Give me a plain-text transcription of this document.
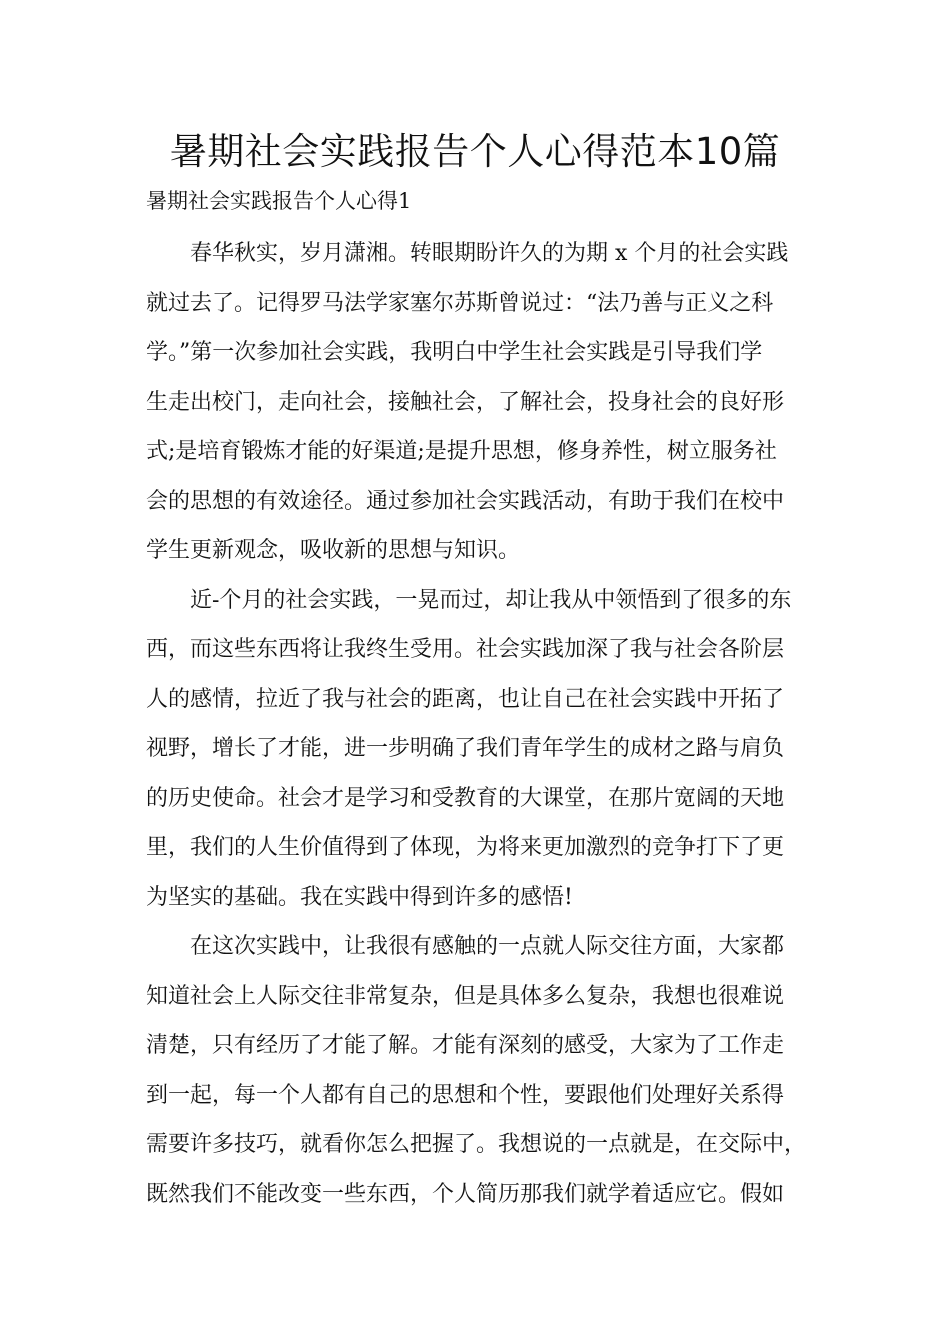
暑期社会实践报告个人心得范本10篇
暑期社会实践报告个人心得1
春华秋实，岁月潇湘。转眼期盼许久的为期 x 个月的社会实践
就过去了。记得罗马法学家塞尔苏斯曾说过：“法乃善与正义之科
学。”第一次参加社会实践，我明白中学生社会实践是引导我们学
生走出校门，走向社会，接触社会，了解社会，投身社会的良好形
式;是培育锻炼才能的好渠道;是提升思想，修身养性，树立服务社
会的思想的有效途径。通过参加社会实践活动，有助于我们在校中
学生更新观念，吸收新的思想与知识。
近-个月的社会实践，一晃而过，却让我从中领悟到了很多的东
西，而这些东西将让我终生受用。社会实践加深了我与社会各阶层
人的感情，拉近了我与社会的距离，也让自己在社会实践中开拓了
视野，增长了才能，进一步明确了我们青年学生的成材之路与肩负
的历史使命。社会才是学习和受教育的大课堂，在那片宽阔的天地
里，我们的人生价值得到了体现，为将来更加激烈的竞争打下了更
为坚实的基础。我在实践中得到许多的感悟!
在这次实践中，让我很有感触的一点就人际交往方面，大家都
知道社会上人际交往非常复杂，但是具体多么复杂，我想也很难说
清楚，只有经历了才能了解。才能有深刻的感受，大家为了工作走
到一起，每一个人都有自己的思想和个性，要跟他们处理好关系得
需要许多技巧，就看你怎么把握了。我想说的一点就是，在交际中，
既然我们不能改变一些东西，个人简历那我们就学着适应它。假如
